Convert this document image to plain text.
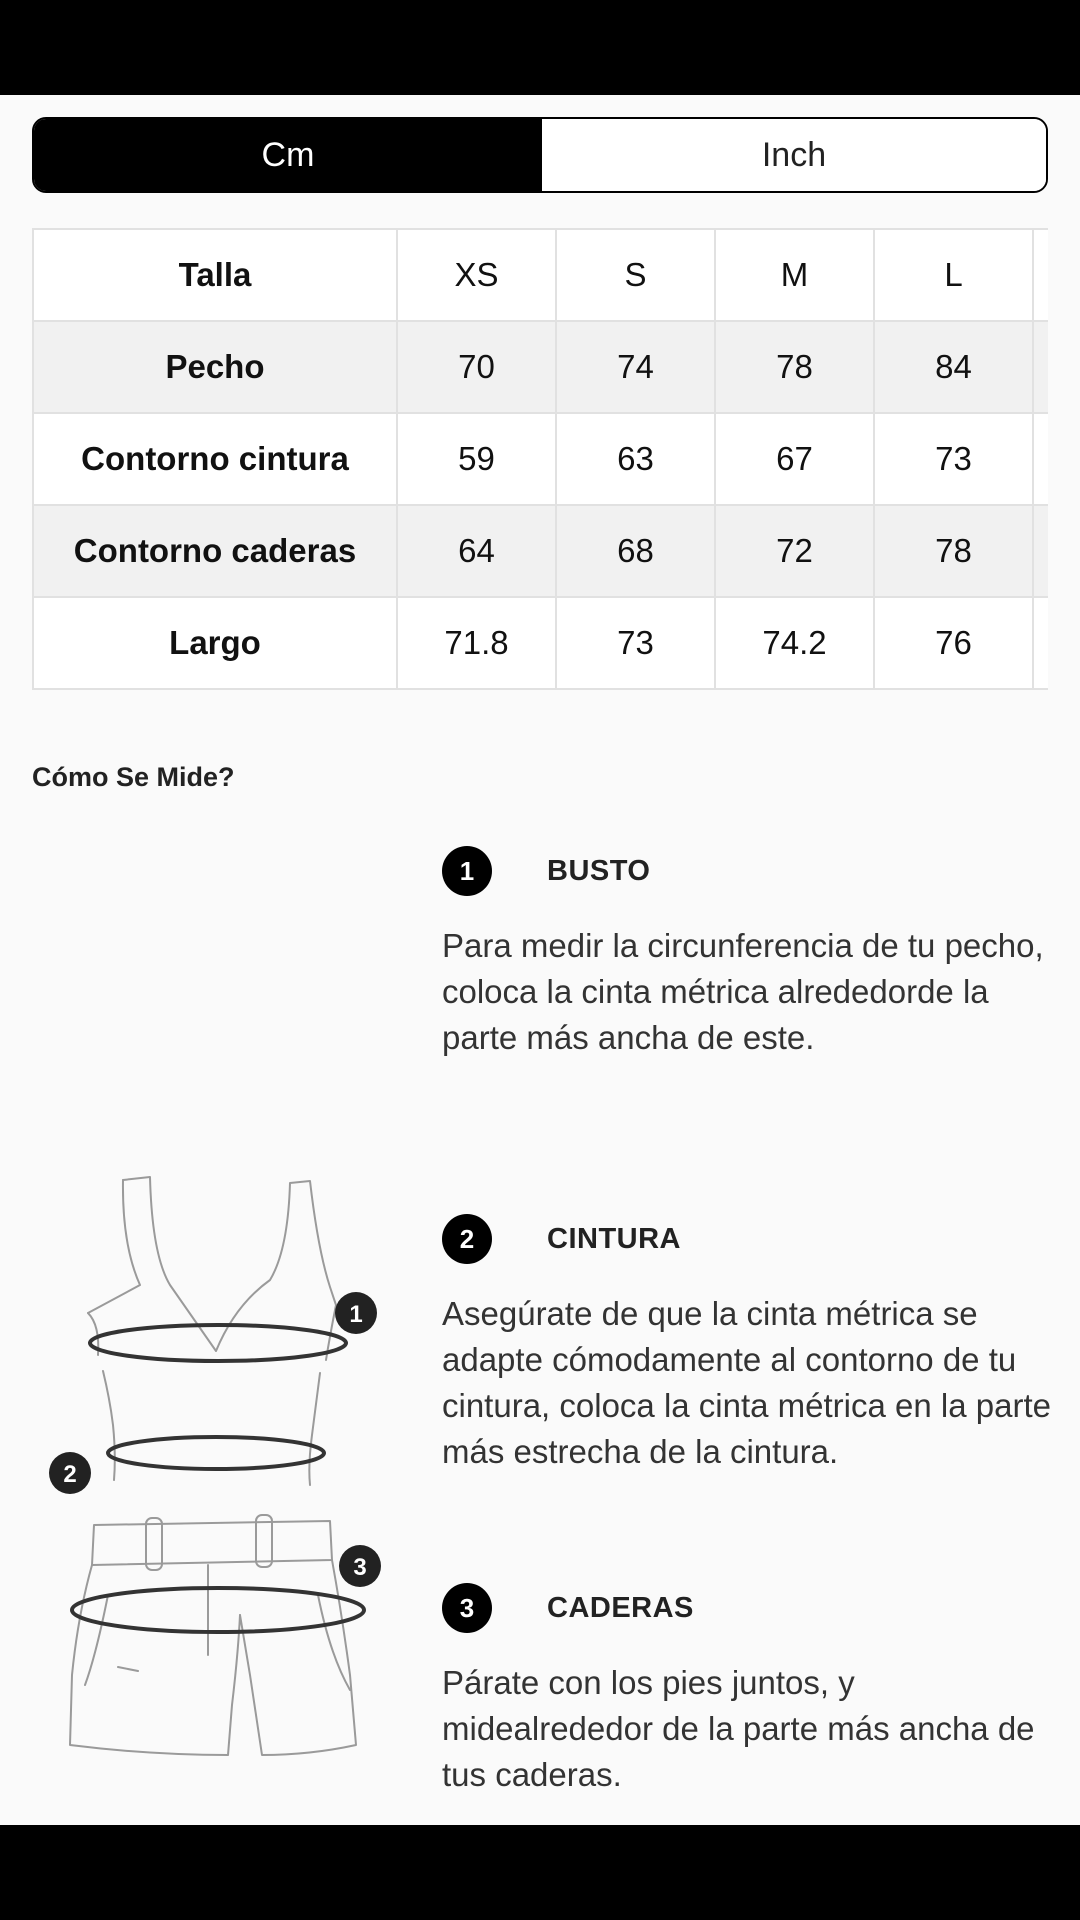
Cm	Inch
Talla	XS	S	M	L	
Pecho	70	74	78	84	
Contorno cintura	59	63	67	73	
Contorno caderas	64	68	72	78	
Largo	71.8	73	74.2	76	
Cómo Se Mide?
1
2
3
1	BUSTO
Para medir la circunferencia de tu pecho, coloca la cinta métrica alrededorde la parte más ancha de este.
2	CINTURA
Asegúrate de que la cinta métrica se adapte cómodamente al contorno de tu cintura, coloca la cinta métrica en la parte más estrecha de la cintura.
3	CADERAS
Párate con los pies juntos, y midealrededor de la parte más ancha de tus caderas.
